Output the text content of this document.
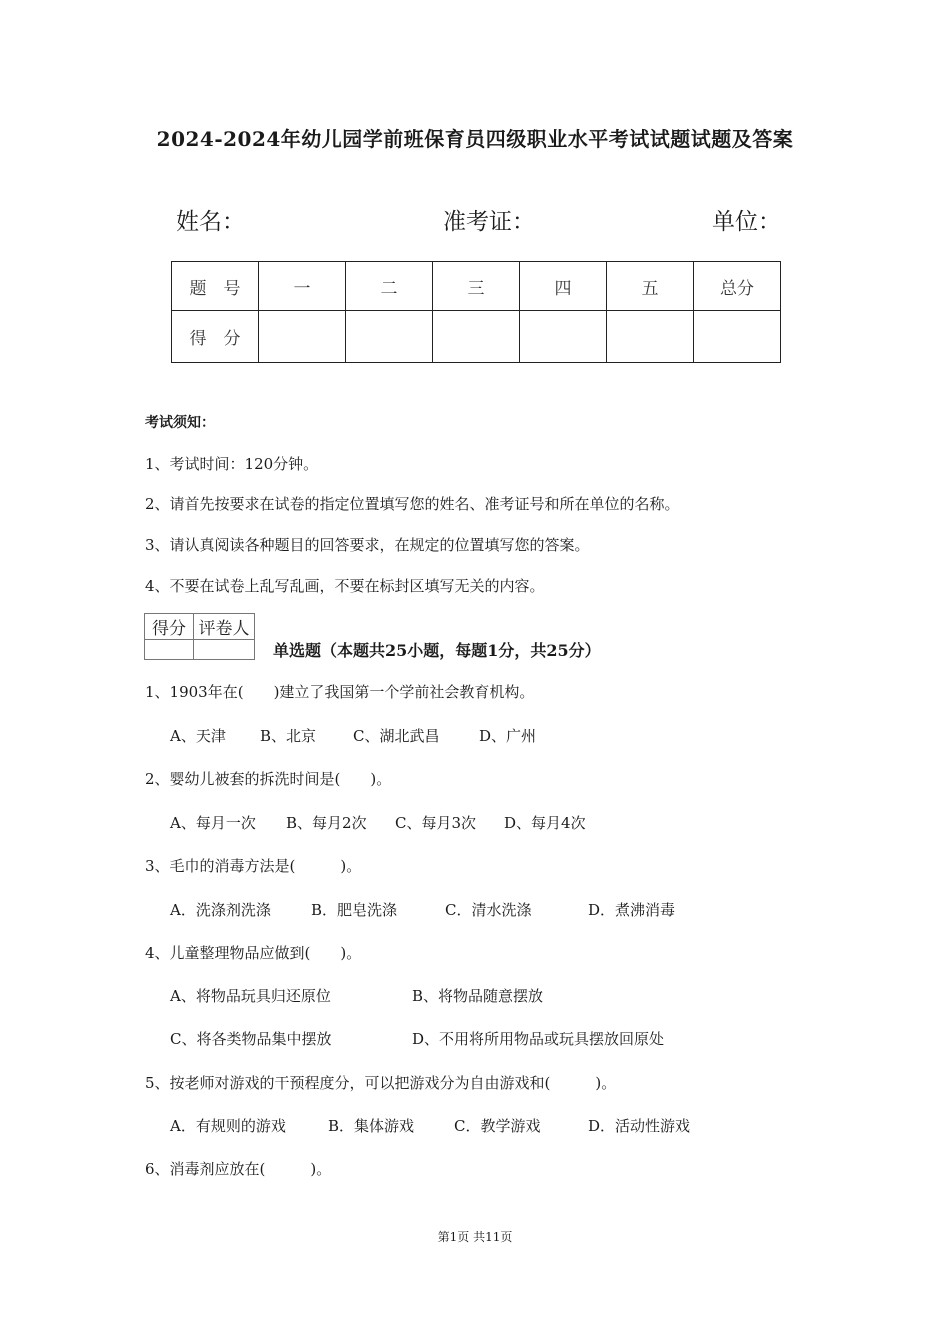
2024-2024年幼儿园学前班保育员四级职业水平考试试题试题及答案
姓名：	准考证：	单位：
题　号	一	二	三	四	五	总分
得　分						
考试须知：
1、考试时间：120分钟。
2、请首先按要求在试卷的指定位置填写您的姓名、准考证号和所在单位的名称。
3、请认真阅读各种题目的回答要求，在规定的位置填写您的答案。
4、不要在试卷上乱写乱画，不要在标封区填写无关的内容。
得分	评卷人

单选题（本题共25小题，每题1分，共25分）
1、1903年在(　　)建立了我国第一个学前社会教育机构。
A、天津 B、北京 C、湖北武昌	D、广州
2、婴幼儿被套的拆洗时间是(　　)。
A、每月一次 B、每月2次 C、每月3次 D、每月4次
3、毛巾的消毒方法是(　　　)。
A．洗涤剂洗涤	B．肥皂洗涤	C．清水洗涤	D．煮沸消毒
4、儿童整理物品应做到(　　)。
A、将物品玩具归还原位	B、将物品随意摆放
C、将各类物品集中摆放	D、不用将所用物品或玩具摆放回原处
5、按老师对游戏的干预程度分，可以把游戏分为自由游戏和(　　　)。
A．有规则的游戏	B．集体游戏	C．教学游戏	D．活动性游戏
6、消毒剂应放在(　　　)。
第1页 共11页
